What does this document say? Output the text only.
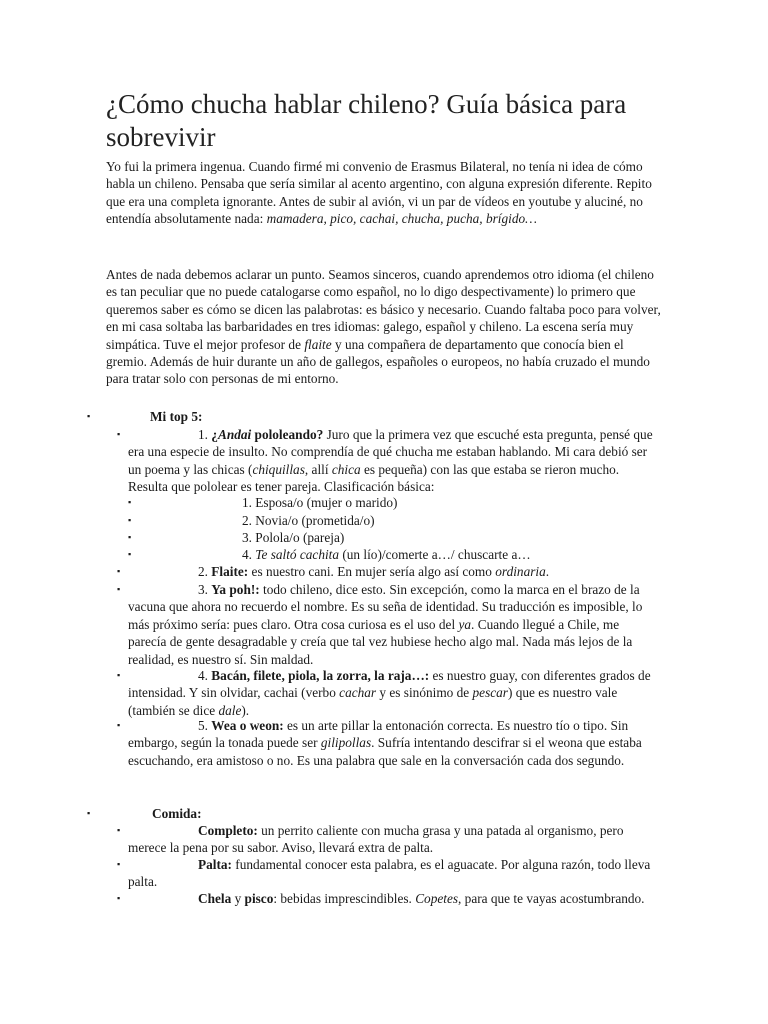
¿Cómo chucha hablar chileno? Guía básica para sobrevivir

Yo fui la primera ingenua. Cuando firmé mi convenio de Erasmus Bilateral, no tenía ni idea de cómo habla un chileno. Pensaba que sería similar al acento argentino, con alguna expresión diferente. Repito que era una completa ignorante. Antes de subir al avión, vi un par de vídeos en youtube y aluciné, no entendía absolutamente nada: mamadera, pico, cachai, chucha, pucha, brígido…

Antes de nada debemos aclarar un punto. Seamos sinceros, cuando aprendemos otro idioma (el chileno es tan peculiar que no puede catalogarse como español, no lo digo despectivamente) lo primero que queremos saber es cómo se dicen las palabrotas: es básico y necesario. Cuando faltaba poco para volver, en mi casa soltaba las barbaridades en tres idiomas: galego, español y chileno. La escena sería muy simpática. Tuve el mejor profesor de flaite y una compañera de departamento que conocía bien el gremio. Además de huir durante un año de gallegos, españoles o europeos, no había cruzado el mundo para tratar solo con personas de mi entorno.

▪	Mi top 5:
▪	1. ¿Andai pololeando? Juro que la primera vez que escuché esta pregunta, pensé que era una especie de insulto. No comprendía de qué chucha me estaban hablando. Mi cara debió ser un poema y las chicas (chiquillas, allí chica es pequeña) con las que estaba se rieron mucho. Resulta que pololear es tener pareja. Clasificación básica:

▪	1. Esposa/o (mujer o marido)
▪	2. Novia/o (prometida/o)
▪	3. Polola/o (pareja)
▪	4. Te saltó cachita (un lío)/comerte a…/ chuscarte a…
▪	2. Flaite: es nuestro cani. En mujer sería algo así como ordinaria.

▪	3. Ya poh!: todo chileno, dice esto. Sin excepción, como la marca en el brazo de la vacuna que ahora no recuerdo el nombre. Es su seña de identidad. Su traducción es imposible, lo más próximo sería: pues claro. Otra cosa curiosa es el uso del ya. Cuando llegué a Chile, me parecía de gente desagradable y creía que tal vez hubiese hecho algo mal. Nada más lejos de la realidad, es nuestro sí. Sin maldad.

▪	4. Bacán, filete, piola, la zorra, la raja…: es nuestro guay, con diferentes grados de intensidad. Y sin olvidar, cachai (verbo cachar y es sinónimo de pescar) que es nuestro vale (también se dice dale).

▪	5. Wea o weon: es un arte pillar la entonación correcta. Es nuestro tío o tipo. Sin embargo, según la tonada puede ser gilipollas. Sufría intentando descifrar si el weona que estaba escuchando, era amistoso o no. Es una palabra que sale en la conversación cada dos segundo.

▪	Comida:
▪	Completo: un perrito caliente con mucha grasa y una patada al organismo, pero merece la pena por su sabor. Aviso, llevará extra de palta.

▪	Palta: fundamental conocer esta palabra, es el aguacate. Por alguna razón, todo lleva palta.

▪	Chela y pisco: bebidas imprescindibles. Copetes, para que te vayas acostumbrando.
